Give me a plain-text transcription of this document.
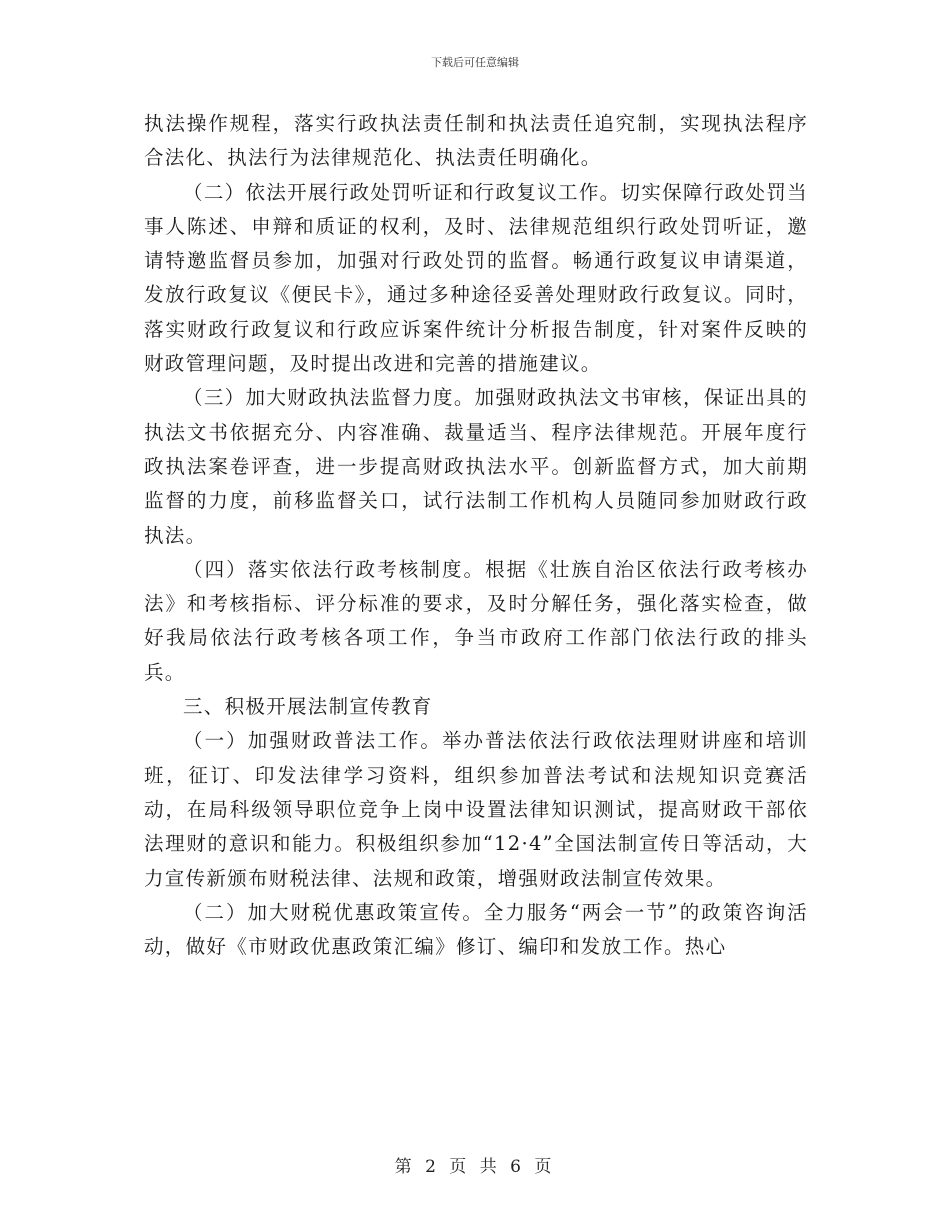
下载后可任意编辑

执法操作规程，落实行政执法责任制和执法责任追究制，实现执法程序合法化、执法行为法律规范化、执法责任明确化。

（二）依法开展行政处罚听证和行政复议工作。切实保障行政处罚当事人陈述、申辩和质证的权利，及时、法律规范组织行政处罚听证，邀请特邀监督员参加，加强对行政处罚的监督。畅通行政复议申请渠道，发放行政复议《便民卡》，通过多种途径妥善处理财政行政复议。同时，落实财政行政复议和行政应诉案件统计分析报告制度，针对案件反映的财政管理问题，及时提出改进和完善的措施建议。

（三）加大财政执法监督力度。加强财政执法文书审核，保证出具的执法文书依据充分、内容准确、裁量适当、程序法律规范。开展年度行政执法案卷评查，进一步提高财政执法水平。创新监督方式，加大前期监督的力度，前移监督关口，试行法制工作机构人员随同参加财政行政执法。

（四）落实依法行政考核制度。根据《壮族自治区依法行政考核办法》和考核指标、评分标准的要求，及时分解任务，强化落实检查，做好我局依法行政考核各项工作，争当市政府工作部门依法行政的排头兵。

三、积极开展法制宣传教育

（一）加强财政普法工作。举办普法依法行政依法理财讲座和培训班，征订、印发法律学习资料，组织参加普法考试和法规知识竞赛活动，在局科级领导职位竞争上岗中设置法律知识测试，提高财政干部依法理财的意识和能力。积极组织参加“12·4”全国法制宣传日等活动，大力宣传新颁布财税法律、法规和政策，增强财政法制宣传效果。

（二）加大财税优惠政策宣传。全力服务“两会一节”的政策咨询活动，做好《市财政优惠政策汇编》修订、编印和发放工作。热心

第 2 页 共 6 页
